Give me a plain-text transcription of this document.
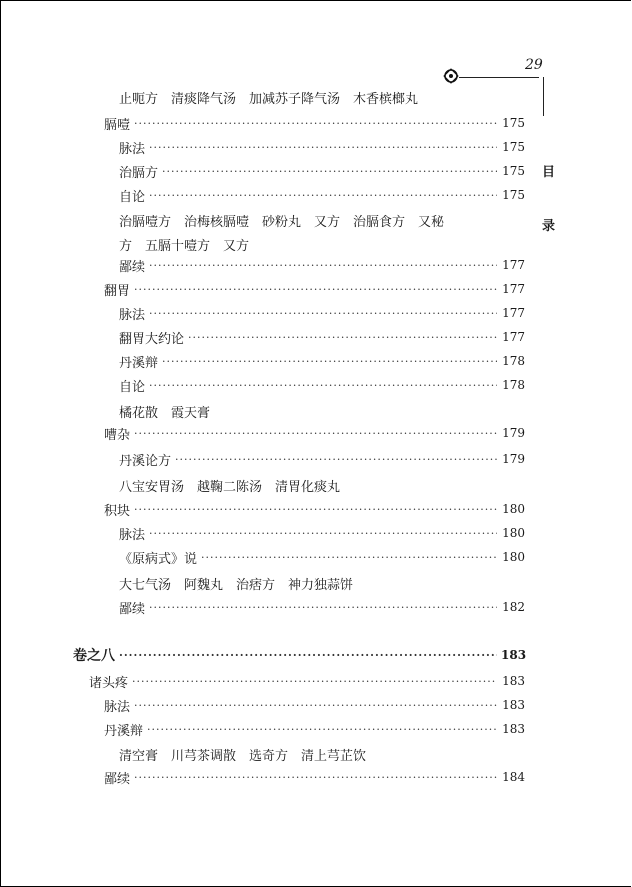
29
目
录
止呃方　清痰降气汤　加减苏子降气汤　木香槟榔丸
膈噎 ·····	175
脉法 ·····	175
治膈方 ·····	175
自论 ·····	175
治膈噎方　治梅核膈噎　砂粉丸　又方　治膈食方　又秘
方　五膈十噎方　又方
鄙续 ·····	177
翻胃 ·····	177
脉法 ·····	177
翻胃大约论 ·····	177
丹溪辩 ·····	178
自论 ·····	178
橘花散　霞天膏
嘈杂 ·····	179
丹溪论方 ·····	179
八宝安胃汤　越鞠二陈汤　清胃化痰丸
积块 ·····	180
脉法 ·····	180
《原病式》说 ·····	180
大七气汤　阿魏丸　治痞方　神力独蒜饼
鄙续 ·····	182
卷之八 ·····	183
诸头疼 ·····	183
脉法 ·····	183
丹溪辩 ·····	183
清空膏　川芎茶调散　选奇方　清上芎芷饮
鄙续 ·····	184
